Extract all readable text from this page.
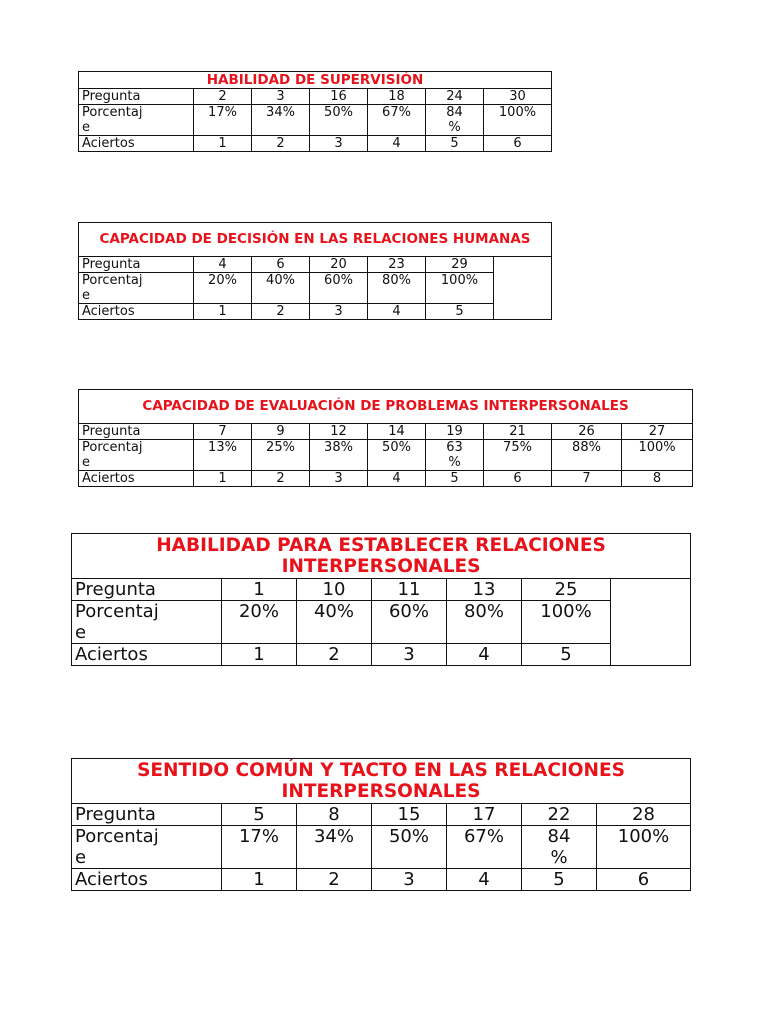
HABILIDAD DE SUPERVISIÓN						
Pregunta	2	3	16	18	24	30
Porcentaj
e	17%	34%	50%	67%	84 %	100%
Aciertos	1	2	3	4	5	6
CAPACIDAD DE DECISIÓN EN LAS RELACIONES HUMANAS						
Pregunta	4	6	20	23	29	
Porcentaj
e	20%	40%	60%	80%	100%	
Aciertos	1	2	3	4	5	
CAPACIDAD DE EVALUACIÓN DE PROBLEMAS INTERPERSONALES								
Pregunta	7	9	12	14	19	21	26	27
Porcentaj
e	13%	25%	38%	50%	63 %	75%	88%	100%
Aciertos	1	2	3	4	5	6	7	8
HABILIDAD PARA ESTABLECER RELACIONES INTERPERSONALES						
Pregunta	1	10	11	13	25	
Porcentaj
e	20%	40%	60%	80%	100%	
Aciertos	1	2	3	4	5	
SENTIDO COMÚN Y TACTO EN LAS RELACIONES INTERPERSONALES						
Pregunta	5	8	15	17	22	28
Porcentaj
e	17%	34%	50%	67%	84 %	100%
Aciertos	1	2	3	4	5	6
